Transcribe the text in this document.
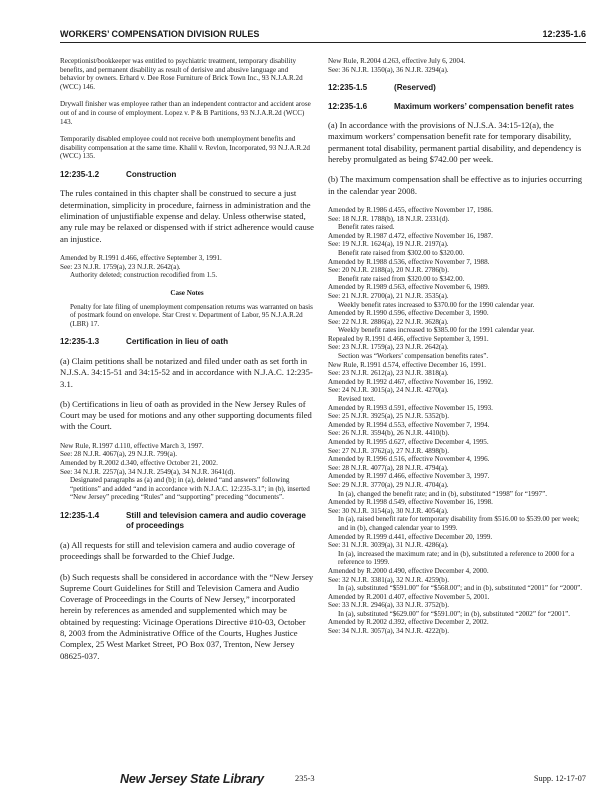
WORKERS’ COMPENSATION DIVISION RULES	12:235-1.6

Receptionist/bookkeeper was entitled to psychiatric treatment, temporary disability benefits, and permanent disability as result of derisive and abusive language and behavior by owners. Erhard v. Dee Rose Furniture of Brick Town Inc., 93 N.J.A.R.2d (WCC) 146.

Drywall finisher was employee rather than an independent contractor and accident arose out of and in course of employment. Lopez v. P & B Partitions, 93 N.J.A.R.2d (WCC) 143.

Temporarily disabled employee could not receive both unemployment benefits and disability compensation at the same time. Khalil v. Revlon, Incorporated, 93 N.J.A.R.2d (WCC) 135.

12:235-1.2	Construction

The rules contained in this chapter shall be construed to secure a just determination, simplicity in procedure, fairness in administration and the elimination of unjustifiable expense and delay. Unless otherwise stated, any rule may be relaxed or dispensed with if strict adherence would cause an injustice.

Amended by R.1991 d.466, effective September 3, 1991.

See: 23 N.J.R. 1759(a), 23 N.J.R. 2642(a).

Authority deleted; construction recodified from 1.5.

Case Notes

Penalty for late filing of unemployment compensation returns was warranted on basis of postmark found on envelope. Star Crest v. Department of Labor, 95 N.J.A.R.2d (LBR) 17.

12:235-1.3	Certification in lieu of oath

(a) Claim petitions shall be notarized and filed under oath as set forth in N.J.S.A. 34:15-51 and 34:15-52 and in accordance with N.J.A.C. 12:235-3.1.

(b) Certifications in lieu of oath as provided in the New Jersey Rules of Court may be used for motions and any other supporting documents filed with the Court.

New Rule, R.1997 d.110, effective March 3, 1997.

See: 28 N.J.R. 4067(a), 29 N.J.R. 799(a).

Amended by R.2002 d.340, effective October 21, 2002.

See: 34 N.J.R. 2257(a), 34 N.J.R. 2549(a), 34 N.J.R. 3641(d).

Designated paragraphs as (a) and (b); in (a), deleted “and answers” following “petitions” and added “and in accordance with N.J.A.C. 12:235-3.1”; in (b), inserted “New Jersey” preceding “Rules” and “supporting” preceding “documents”.

12:235-1.4	Still and television camera and audio coverage of proceedings

(a) All requests for still and television camera and audio coverage of proceedings shall be forwarded to the Chief Judge.

(b) Such requests shall be considered in accordance with the “New Jersey Supreme Court Guidelines for Still and Television Camera and Audio Coverage of Proceedings in the Courts of New Jersey,” incorporated herein by references as amended and supplemented which may be obtained by requesting: Vicinage Operations Directive #10-03, October 8, 2003 from the Administrative Office of the Courts, Hughes Justice Complex, 25 West Market Street, PO Box 037, Trenton, New Jersey 08625-037.

New Rule, R.2004 d.263, effective July 6, 2004.

See: 36 N.J.R. 1350(a), 36 N.J.R. 3294(a).

12:235-1.5	(Reserved)
12:235-1.6	Maximum workers’ compensation benefit rates

(a) In accordance with the provisions of N.J.S.A. 34:15-12(a), the maximum workers’ compensation benefit rate for temporary disability, permanent total disability, permanent partial disability, and dependency is hereby promulgated as being $742.00 per week.

(b) The maximum compensation shall be effective as to injuries occurring in the calendar year 2008.

Amended by R.1986 d.455, effective November 17, 1986.

See: 18 N.J.R. 1788(b), 18 N.J.R. 2331(d).

Benefit rates raised.

Amended by R.1987 d.472, effective November 16, 1987.

See: 19 N.J.R. 1624(a), 19 N.J.R. 2197(a).

Benefit rate raised from $302.00 to $320.00.

Amended by R.1988 d.536, effective November 7, 1988.

See: 20 N.J.R. 2188(a), 20 N.J.R. 2786(b).

Benefit rate raised from $320.00 to $342.00.

Amended by R.1989 d.563, effective November 6, 1989.

See: 21 N.J.R. 2700(a), 21 N.J.R. 3535(a).

Weekly benefit rates increased to $370.00 for the 1990 calendar year.

Amended by R.1990 d.596, effective December 3, 1990.

See: 22 N.J.R. 2886(a), 22 N.J.R. 3628(a).

Weekly benefit rates increased to $385.00 for the 1991 calendar year.

Repealed by R.1991 d.466, effective September 3, 1991.

See: 23 N.J.R. 1759(a), 23 N.J.R. 2642(a).

Section was “Workers’ compensation benefits rates”.

New Rule, R.1991 d.574, effective December 16, 1991.

See: 23 N.J.R. 2612(a), 23 N.J.R. 3818(a).

Amended by R.1992 d.467, effective November 16, 1992.

See: 24 N.J.R. 3015(a), 24 N.J.R. 4270(a).

Revised text.

Amended by R.1993 d.591, effective November 15, 1993.

See: 25 N.J.R. 3925(a), 25 N.J.R. 5352(b).

Amended by R.1994 d.553, effective November 7, 1994.

See: 26 N.J.R. 3594(b), 26 N.J.R. 4410(b).

Amended by R.1995 d.627, effective December 4, 1995.

See: 27 N.J.R. 3762(a), 27 N.J.R. 4898(b).

Amended by R.1996 d.516, effective November 4, 1996.

See: 28 N.J.R. 4077(a), 28 N.J.R. 4794(a).

Amended by R.1997 d.466, effective November 3, 1997.

See: 29 N.J.R. 3770(a), 29 N.J.R. 4704(a).

In (a), changed the benefit rate; and in (b), substituted “1998” for “1997”.

Amended by R.1998 d.549, effective November 16, 1998.

See: 30 N.J.R. 3154(a), 30 N.J.R. 4054(a).

In (a), raised benefit rate for temporary disability from $516.00 to $539.00 per week; and in (b), changed calendar year to 1999.

Amended by R.1999 d.441, effective December 20, 1999.

See: 31 N.J.R. 3039(a), 31 N.J.R. 4286(a).

In (a), increased the maximum rate; and in (b), substituted a reference to 2000 for a reference to 1999.

Amended by R.2000 d.490, effective December 4, 2000.

See: 32 N.J.R. 3381(a), 32 N.J.R. 4259(b).

In (a), substituted “$591.00” for “$568.00”; and in (b), substituted “2001” for “2000”.

Amended by R.2001 d.407, effective November 5, 2001.

See: 33 N.J.R. 2946(a), 33 N.J.R. 3752(b).

In (a), substituted “$629.00” for “$591.00”; in (b), substituted “2002” for “2001”.

Amended by R.2002 d.392, effective December 2, 2002.

See: 34 N.J.R. 3057(a), 34 N.J.R. 4222(b).

New Jersey State Library	235-3	Supp. 12-17-07
